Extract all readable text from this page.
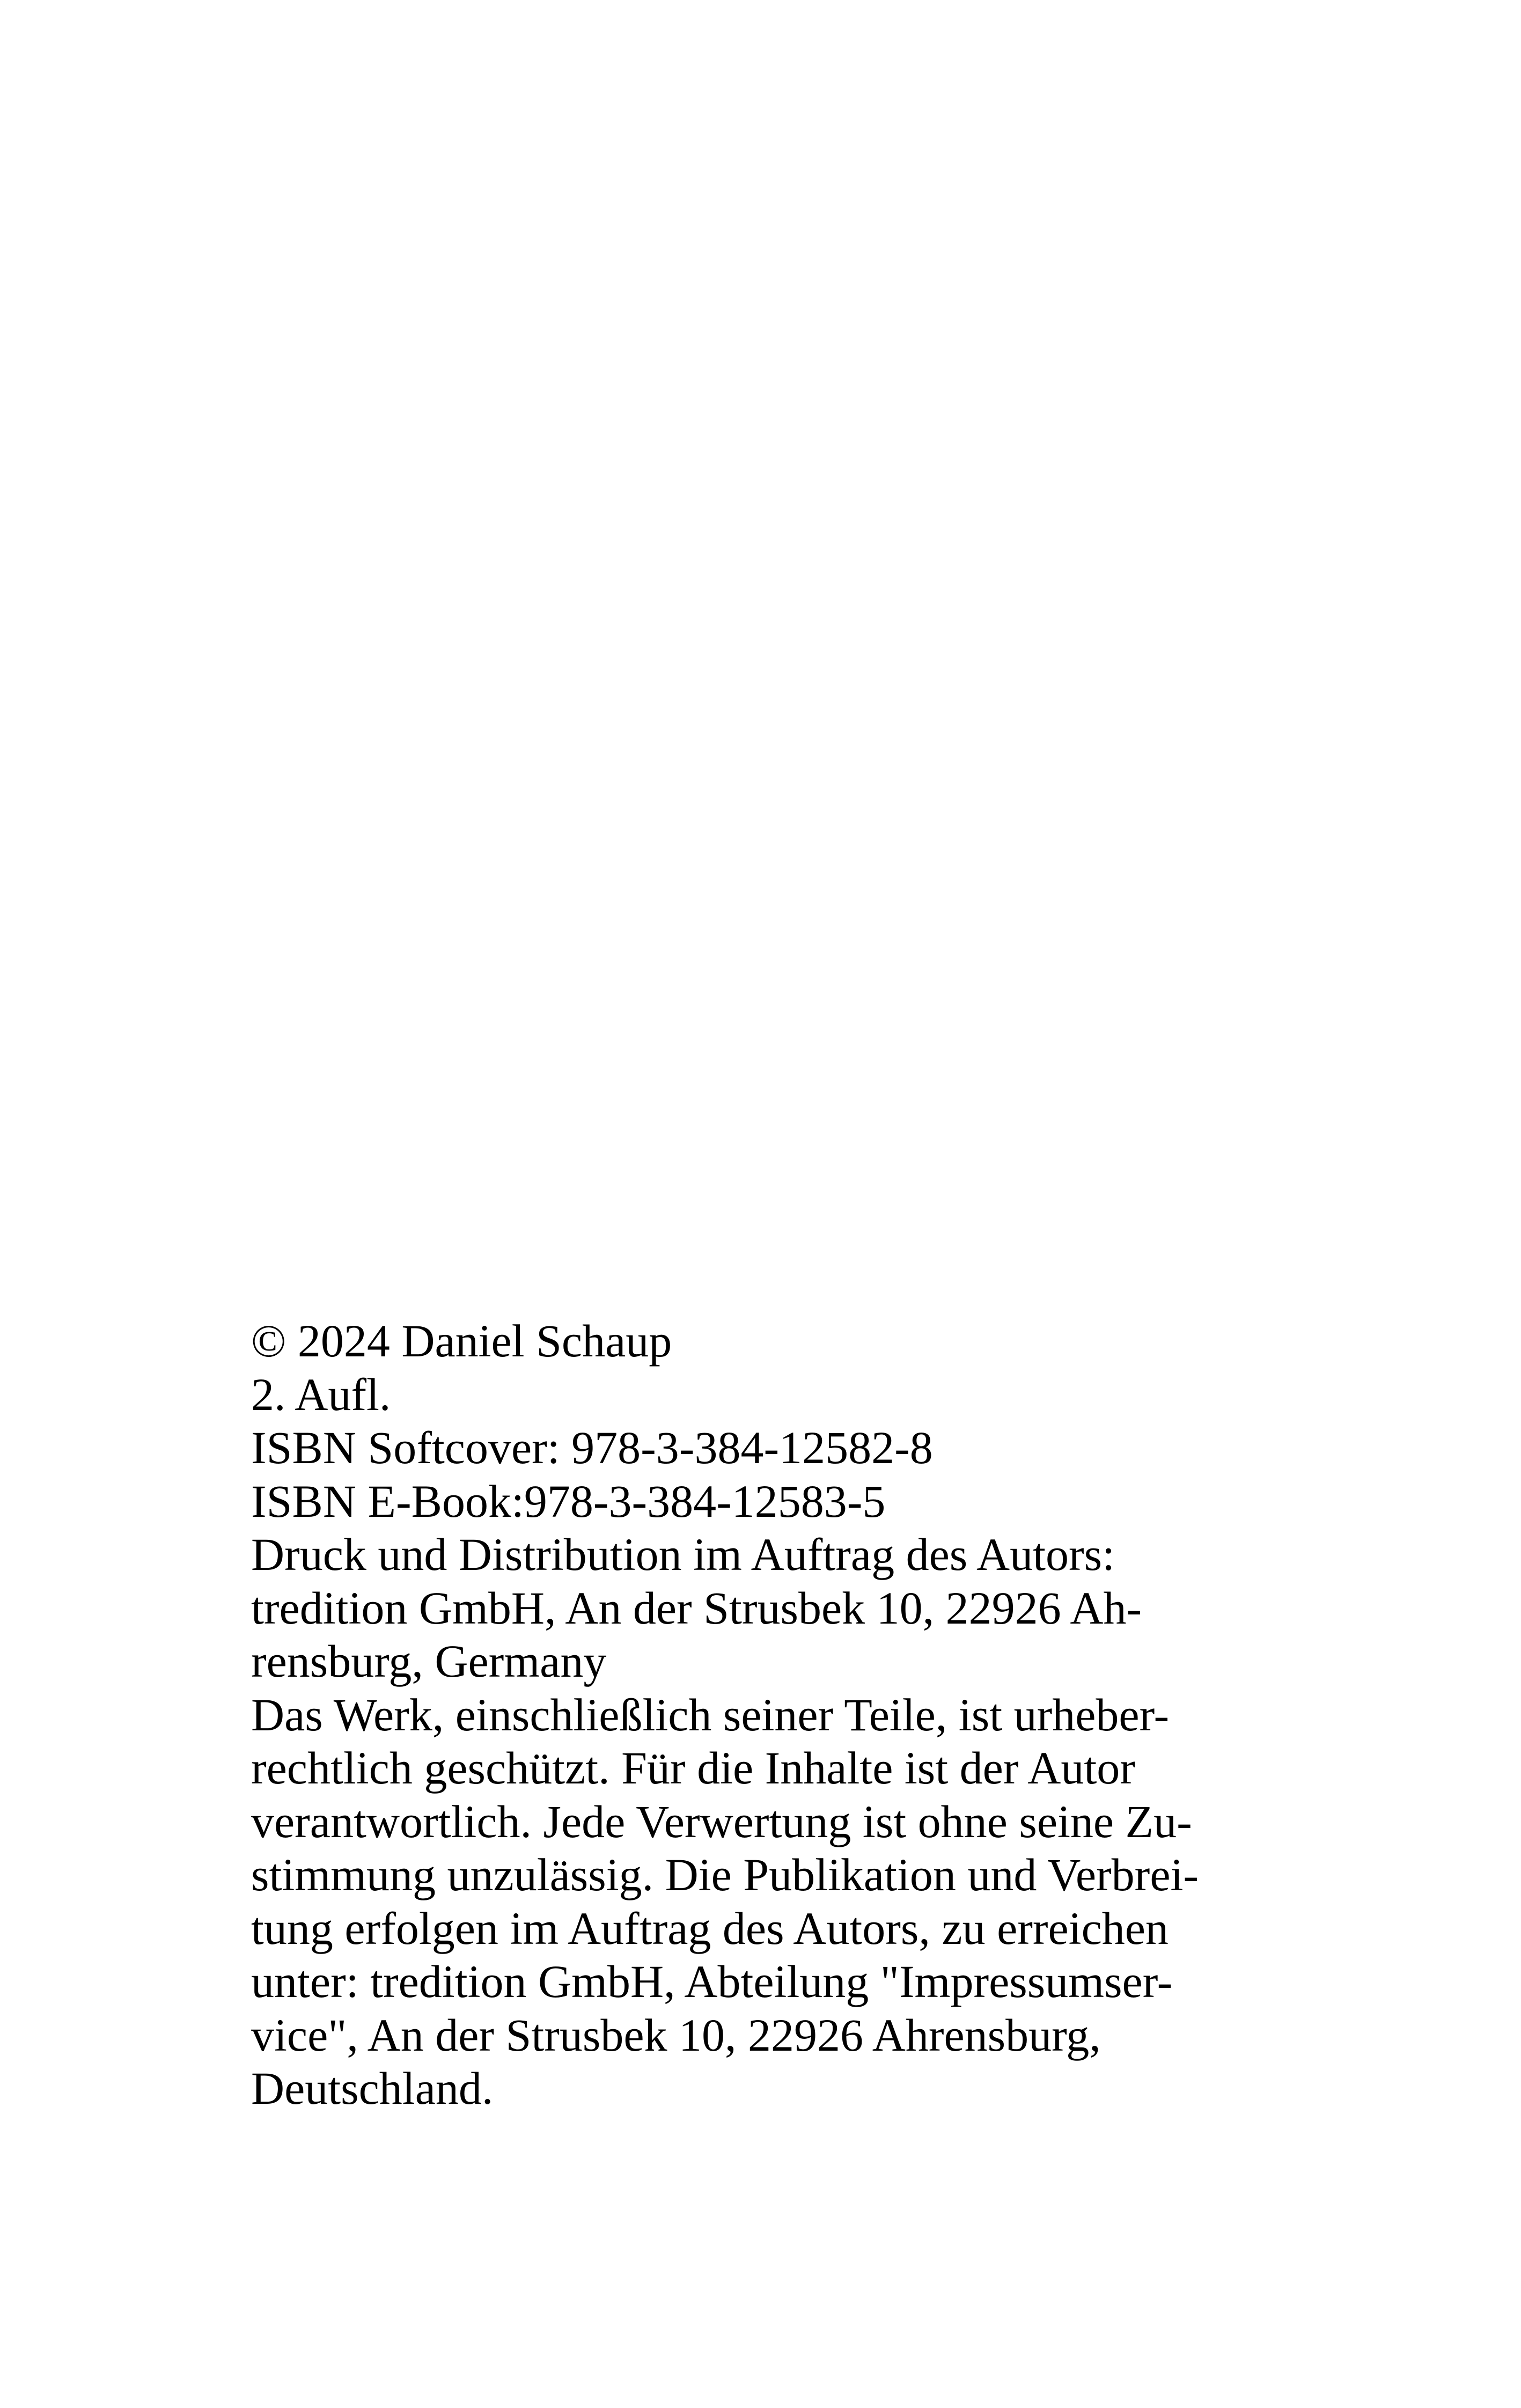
© 2024 Daniel Schaup
2. Aufl.
ISBN Softcover: 978-3-384-12582-8
ISBN E-Book:978-3-384-12583-5
Druck und Distribution im Auftrag des Autors:
tredition GmbH, An der Strusbek 10, 22926 Ah-
rensburg, Germany
Das Werk, einschließlich seiner Teile, ist urheber-
rechtlich geschützt. Für die Inhalte ist der Autor
verantwortlich. Jede Verwertung ist ohne seine Zu-
stimmung unzulässig. Die Publikation und Verbrei-
tung erfolgen im Auftrag des Autors, zu erreichen
unter: tredition GmbH, Abteilung "Impressumser-
vice", An der Strusbek 10, 22926 Ahrensburg,
Deutschland.
